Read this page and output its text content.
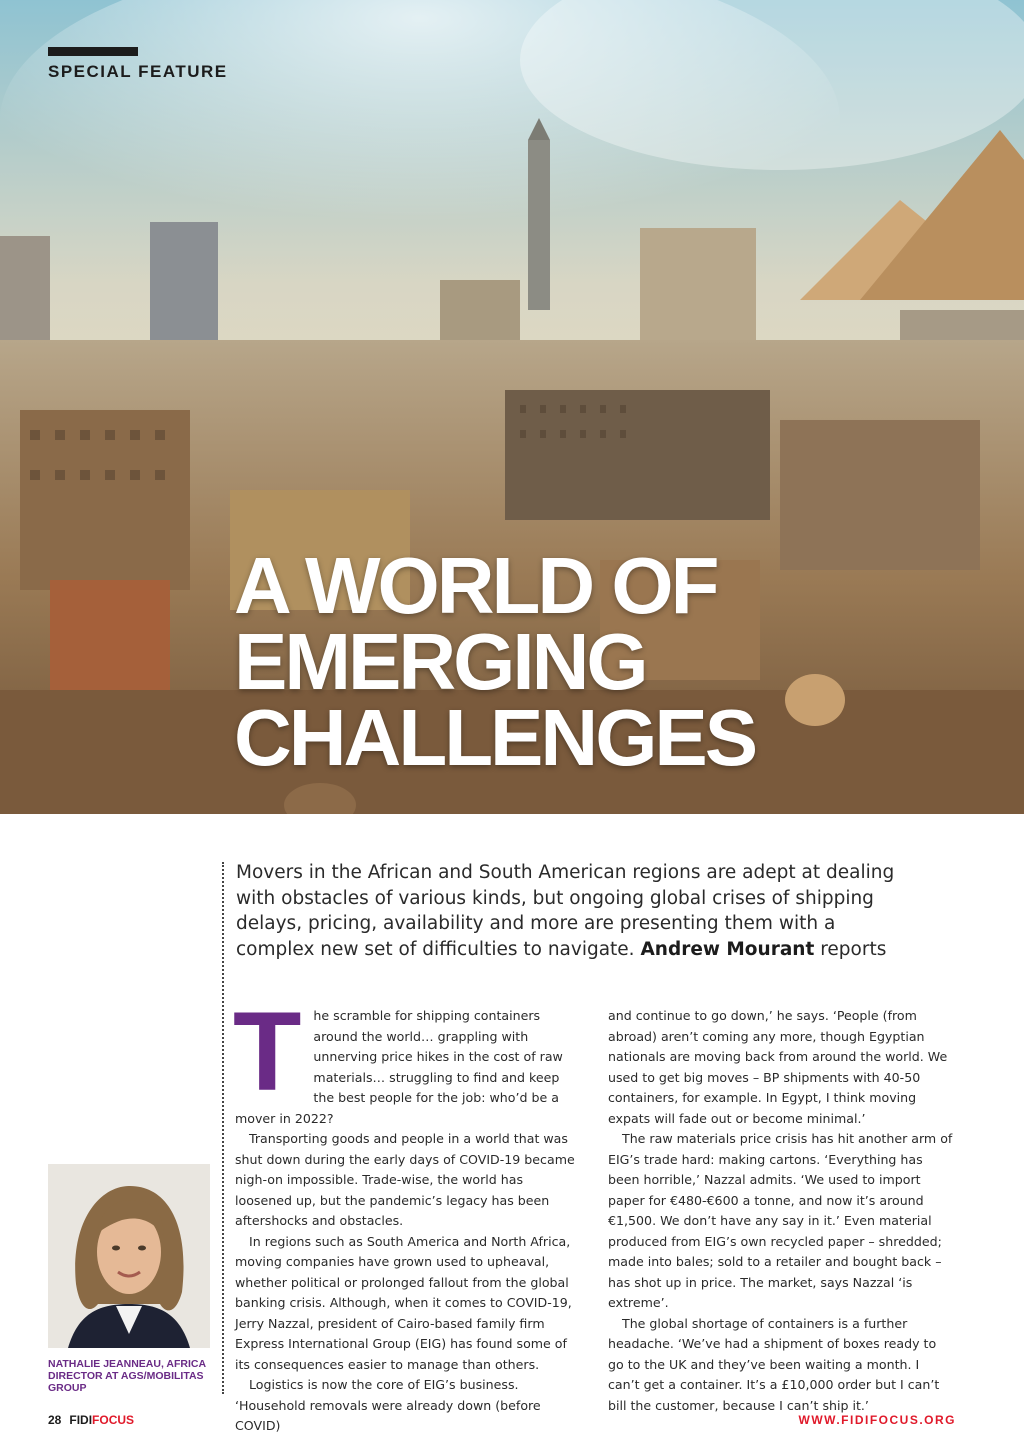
SPECIAL FEATURE
A WORLD OF
EMERGING
CHALLENGES

Movers in the African and South American regions are adept at dealing with obstacles of various kinds, but ongoing global crises of shipping delays, pricing, availability and more are presenting them with a complex new set of difficulties to navigate. Andrew Mourant reports

T he scramble for shipping containers around the world… grappling with unnerving price hikes in the cost of raw materials… struggling to find and keep the best people for the job: who’d be a mover in 2022?

Transporting goods and people in a world that was shut down during the early days of COVID-19 became nigh-on impossible. Trade-wise, the world has loosened up, but the pandemic’s legacy has been aftershocks and obstacles.

In regions such as South America and North Africa, moving companies have grown used to upheaval, whether political or prolonged fallout from the global banking crisis. Although, when it comes to COVID-19, Jerry Nazzal, president of Cairo-based family firm Express International Group (EIG) has found some of its consequences easier to manage than others.

Logistics is now the core of EIG’s business. ‘Household removals were already down (before COVID)

and continue to go down,’ he says. ‘People (from abroad) aren’t coming any more, though Egyptian nationals are moving back from around the world. We used to get big moves – BP shipments with 40-50 containers, for example. In Egypt, I think moving expats will fade out or become minimal.’

The raw materials price crisis has hit another arm of EIG’s trade hard: making cartons. ‘Everything has been horrible,’ Nazzal admits. ‘We used to import paper for €480-€600 a tonne, and now it’s around €1,500. We don’t have any say in it.’ Even material produced from EIG’s own recycled paper – shredded; made into bales; sold to a retailer and bought back – has shot up in price. The market, says Nazzal ‘is extreme’.

The global shortage of containers is a further headache. ‘We’ve had a shipment of boxes ready to go to the UK and they’ve been waiting a month. I can’t get a container. It’s a £10,000 order but I can’t bill the customer, because I can’t ship it.’

NATHALIE JEANNEAU, AFRICA DIRECTOR AT AGS/MOBILITAS GROUP

28 FIDIFOCUS	WWW.FIDIFOCUS.ORG
